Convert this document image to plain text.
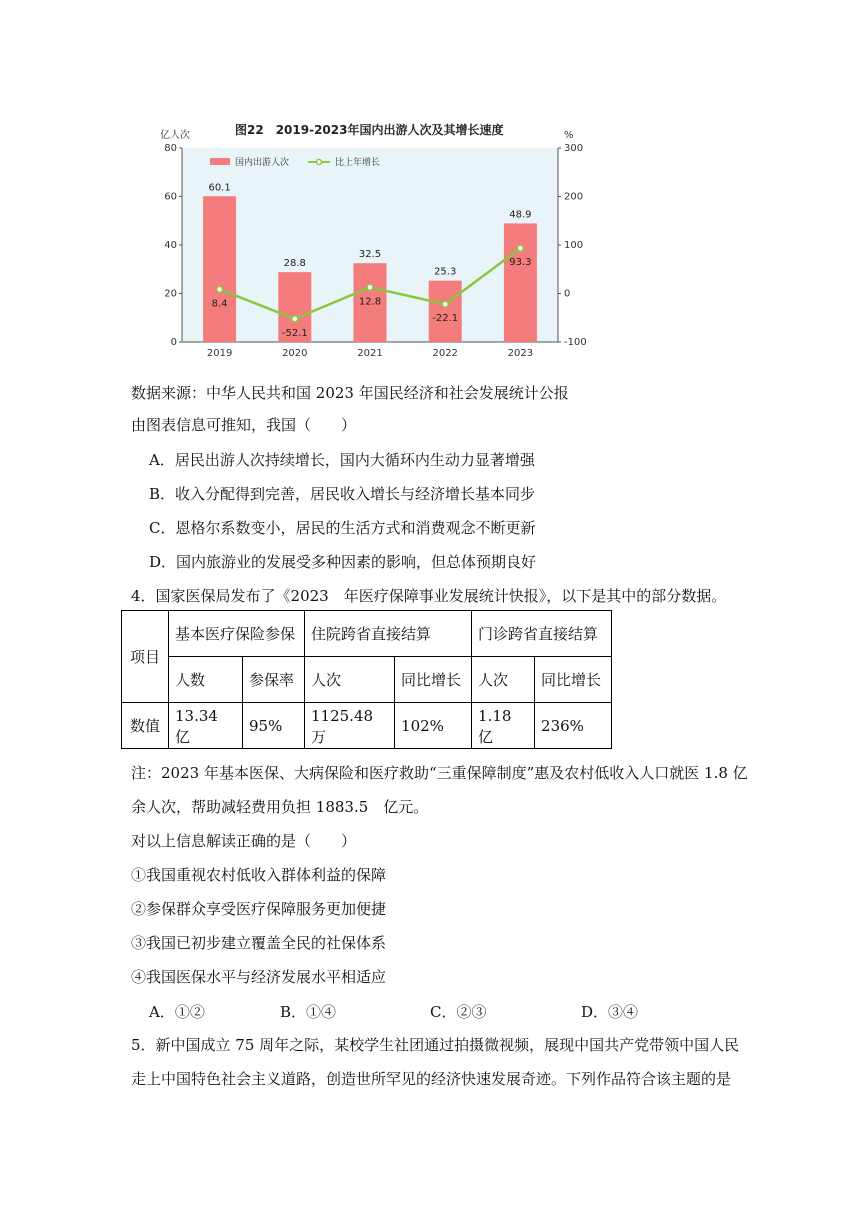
图22　2019-2023年国内出游人次及其增长速度
亿人次	%
0
20
40
60
80
-100
0
100
200
300
60.1
28.8
32.5
25.3
48.9
8.4
-52.1
12.8
-22.1
93.3
2019	2020	2021	2022	2023
国内出游人次	比上年增长
数据来源：中华人民共和国 2023 年国民经济和社会发展统计公报
由图表信息可推知，我国（　　）
A．居民出游人次持续增长，国内大循环内生动力显著增强
B．收入分配得到完善，居民收入增长与经济增长基本同步
C．恩格尔系数变小，居民的生活方式和消费观念不断更新
D．国内旅游业的发展受多种因素的影响，但总体预期良好
4．国家医保局发布了《2023　年医疗保障事业发展统计快报》，以下是其中的部分数据。
项目	基本医疗保险参保		住院跨省直接结算		门诊跨省直接结算	
	人数	参保率	人次	同比增长	人次	同比增长
数值	13.34　亿	95%	1125.48　万	102%	1.18　亿	236%
注：2023 年基本医保、大病保险和医疗救助“三重保障制度”惠及农村低收入人口就医 1.8 亿
余人次，帮助减轻费用负担 1883.5　亿元。
对以上信息解读正确的是（　　）
①我国重视农村低收入群体利益的保障
②参保群众享受医疗保障服务更加便捷
③我国已初步建立覆盖全民的社保体系
④我国医保水平与经济发展水平相适应
A．①②	B．①④	C．②③	D．③④
5．新中国成立 75 周年之际，某校学生社团通过拍摄微视频，展现中国共产党带领中国人民
走上中国特色社会主义道路，创造世所罕见的经济快速发展奇迹。下列作品符合该主题的是
